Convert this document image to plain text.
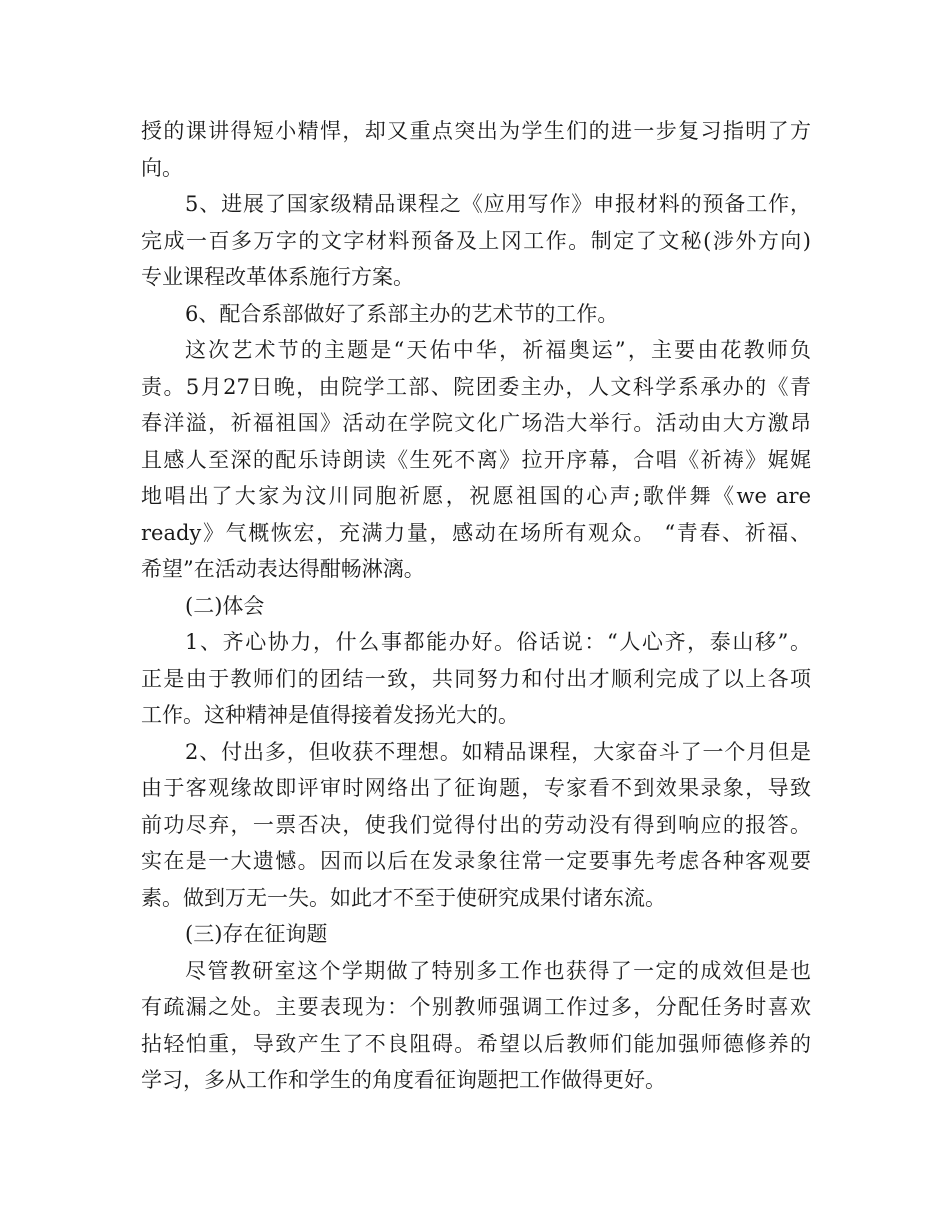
授的课讲得短小精悍，却又重点突出为学生们的进一步复习指明了方
向。
5、进展了国家级精品课程之《应用写作》申报材料的预备工作，
完成一百多万字的文字材料预备及上冈工作。制定了文秘(涉外方向)
专业课程改革体系施行方案。
6、配合系部做好了系部主办的艺术节的工作。
这次艺术节的主题是“天佑中华，祈福奥运”，主要由花教师负
责。5月27日晚，由院学工部、院团委主办，人文科学系承办的《青
春洋溢，祈福祖国》活动在学院文化广场浩大举行。活动由大方激昂
且感人至深的配乐诗朗读《生死不离》拉开序幕，合唱《祈祷》娓娓
地唱出了大家为汶川同胞祈愿，祝愿祖国的心声;歌伴舞《we are
ready》气概恢宏，充满力量，感动在场所有观众。 “青春、祈福、
希望”在活动表达得酣畅淋漓。
(二)体会
1、齐心协力，什么事都能办好。俗话说：“人心齐，泰山移”。
正是由于教师们的团结一致，共同努力和付出才顺利完成了以上各项
工作。这种精神是值得接着发扬光大的。
2、付出多，但收获不理想。如精品课程，大家奋斗了一个月但是
由于客观缘故即评审时网络出了征询题，专家看不到效果录象，导致
前功尽弃，一票否决，使我们觉得付出的劳动没有得到响应的报答。
实在是一大遗憾。因而以后在发录象往常一定要事先考虑各种客观要
素。做到万无一失。如此才不至于使研究成果付诸东流。
(三)存在征询题
尽管教研室这个学期做了特别多工作也获得了一定的成效但是也
有疏漏之处。主要表现为：个别教师强调工作过多，分配任务时喜欢
拈轻怕重，导致产生了不良阻碍。希望以后教师们能加强师德修养的
学习，多从工作和学生的角度看征询题把工作做得更好。
